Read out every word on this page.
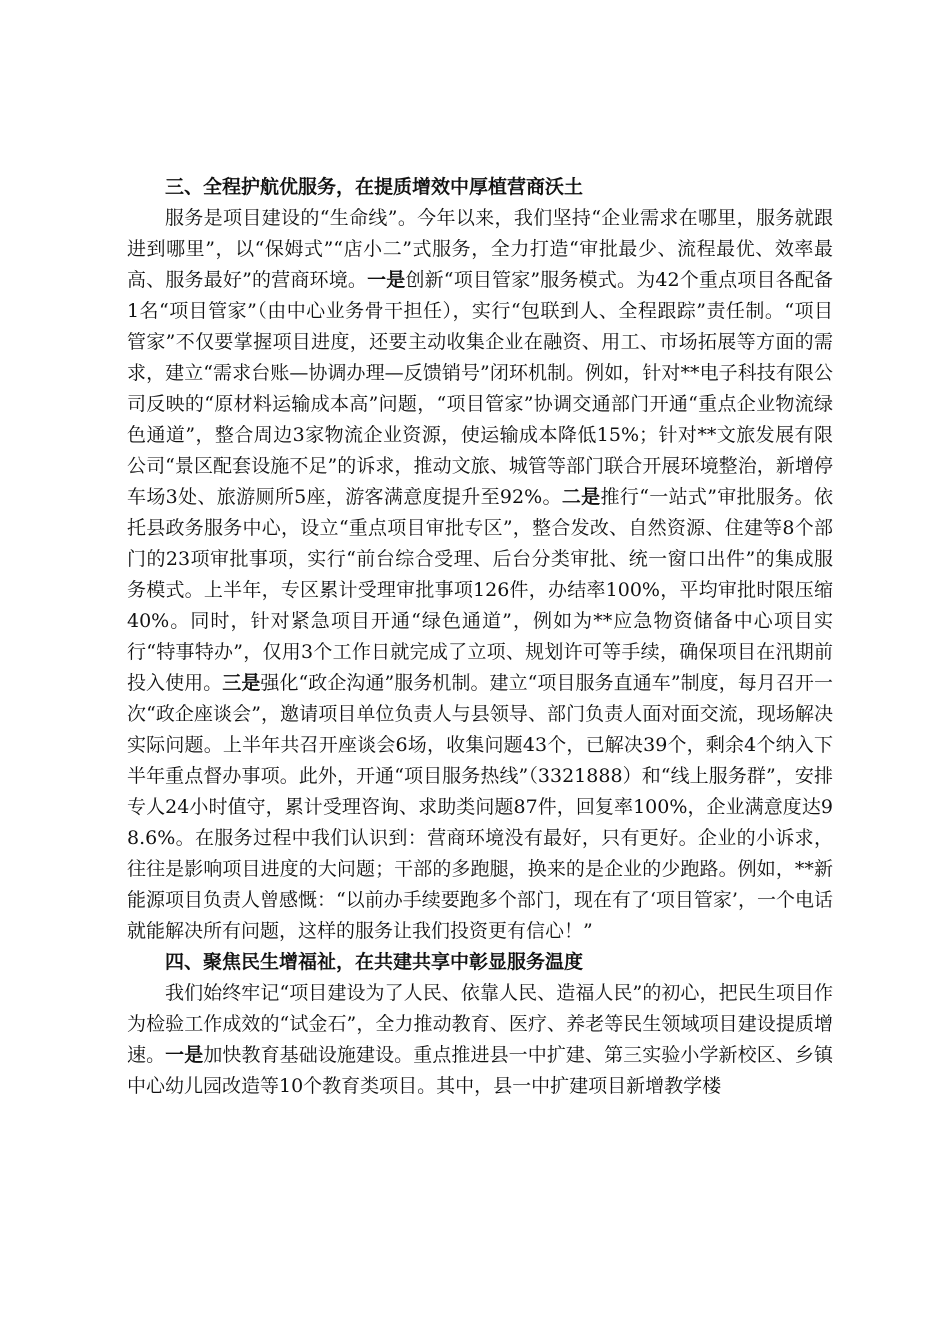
三、全程护航优服务，在提质增效中厚植营商沃土

服务是项目建设的“生命线”。今年以来，我们坚持“企业需求在哪里，服务就跟进到哪里”，以“保姆式”“店小二”式服务，全力打造“审批最少、流程最优、效率最高、服务最好”的营商环境。一是创新“项目管家”服务模式。为42个重点项目各配备1名“项目管家”（由中心业务骨干担任），实行“包联到人、全程跟踪”责任制。“项目管家”不仅要掌握项目进度，还要主动收集企业在融资、用工、市场拓展等方面的需求，建立“需求台账—协调办理—反馈销号”闭环机制。例如，针对**电子科技有限公司反映的“原材料运输成本高”问题，“项目管家”协调交通部门开通“重点企业物流绿色通道”，整合周边3家物流企业资源，使运输成本降低15%；针对**文旅发展有限公司“景区配套设施不足”的诉求，推动文旅、城管等部门联合开展环境整治，新增停车场3处、旅游厕所5座，游客满意度提升至92%。二是推行“一站式”审批服务。依托县政务服务中心，设立“重点项目审批专区”，整合发改、自然资源、住建等8个部门的23项审批事项，实行“前台综合受理、后台分类审批、统一窗口出件”的集成服务模式。上半年，专区累计受理审批事项126件，办结率100%，平均审批时限压缩40%。同时，针对紧急项目开通“绿色通道”，例如为**应急物资储备中心项目实行“特事特办”，仅用3个工作日就完成了立项、规划许可等手续，确保项目在汛期前投入使用。三是强化“政企沟通”服务机制。建立“项目服务直通车”制度，每月召开一次“政企座谈会”，邀请项目单位负责人与县领导、部门负责人面对面交流，现场解决实际问题。上半年共召开座谈会6场，收集问题43个，已解决39个，剩余4个纳入下半年重点督办事项。此外，开通“项目服务热线”（3321888）和“线上服务群”，安排专人24小时值守，累计受理咨询、求助类问题87件，回复率100%，企业满意度达98.6%。在服务过程中我们认识到：营商环境没有最好，只有更好。企业的小诉求，往往是影响项目进度的大问题；干部的多跑腿，换来的是企业的少跑路。例如，**新能源项目负责人曾感慨：“以前办手续要跑多个部门，现在有了‘项目管家’，一个电话就能解决所有问题，这样的服务让我们投资更有信心！”

四、聚焦民生增福祉，在共建共享中彰显服务温度

我们始终牢记“项目建设为了人民、依靠人民、造福人民”的初心，把民生项目作为检验工作成效的“试金石”，全力推动教育、医疗、养老等民生领域项目建设提质增速。一是加快教育基础设施建设。重点推进县一中扩建、第三实验小学新校区、乡镇中心幼儿园改造等10个教育类项目。其中，县一中扩建项目新增教学楼
